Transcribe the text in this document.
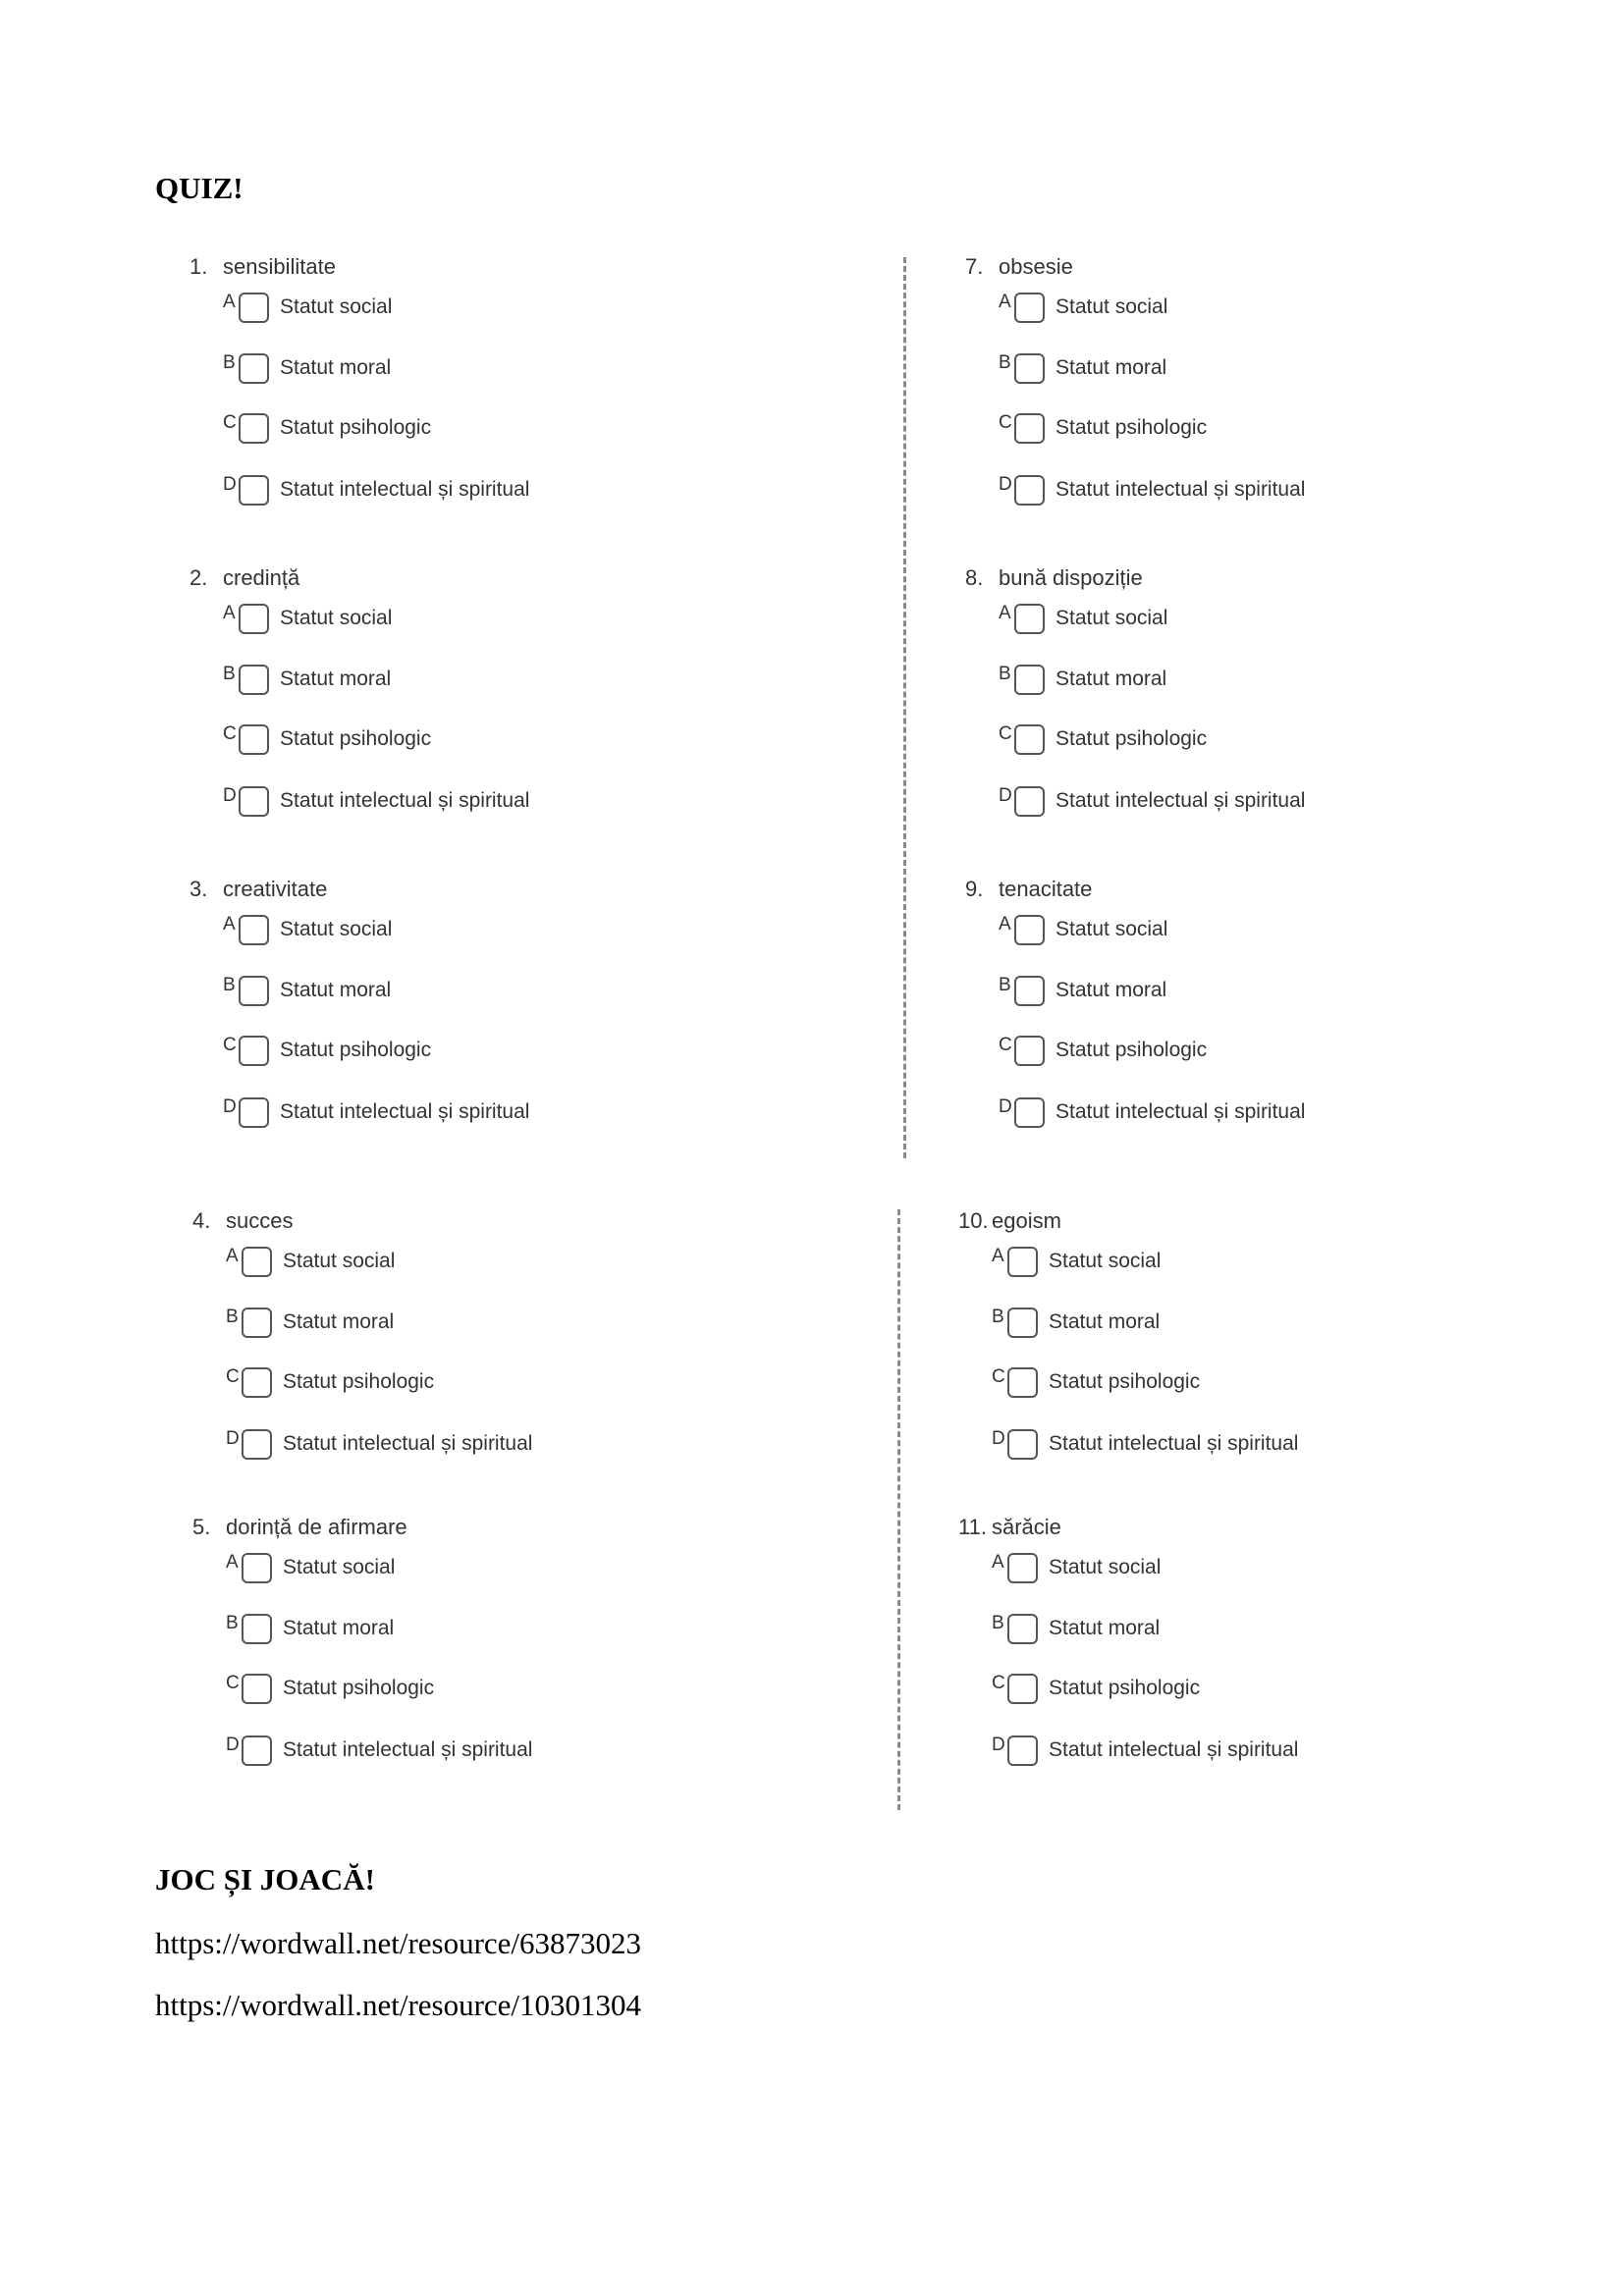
QUIZ!
1. sensibilitate
A Statut social
B Statut moral
C Statut psihologic
D Statut intelectual și spiritual
2. credință
A Statut social
B Statut moral
C Statut psihologic
D Statut intelectual și spiritual
3. creativitate
A Statut social
B Statut moral
C Statut psihologic
D Statut intelectual și spiritual
4. succes
A Statut social
B Statut moral
C Statut psihologic
D Statut intelectual și spiritual
5. dorință de afirmare
A Statut social
B Statut moral
C Statut psihologic
D Statut intelectual și spiritual
7. obsesie
A Statut social
B Statut moral
C Statut psihologic
D Statut intelectual și spiritual
8. bună dispoziție
A Statut social
B Statut moral
C Statut psihologic
D Statut intelectual și spiritual
9. tenacitate
A Statut social
B Statut moral
C Statut psihologic
D Statut intelectual și spiritual
10. egoism
A Statut social
B Statut moral
C Statut psihologic
D Statut intelectual și spiritual
11. sărăcie
A Statut social
B Statut moral
C Statut psihologic
D Statut intelectual și spiritual
JOC ȘI JOACĂ!
https://wordwall.net/resource/63873023
https://wordwall.net/resource/10301304
